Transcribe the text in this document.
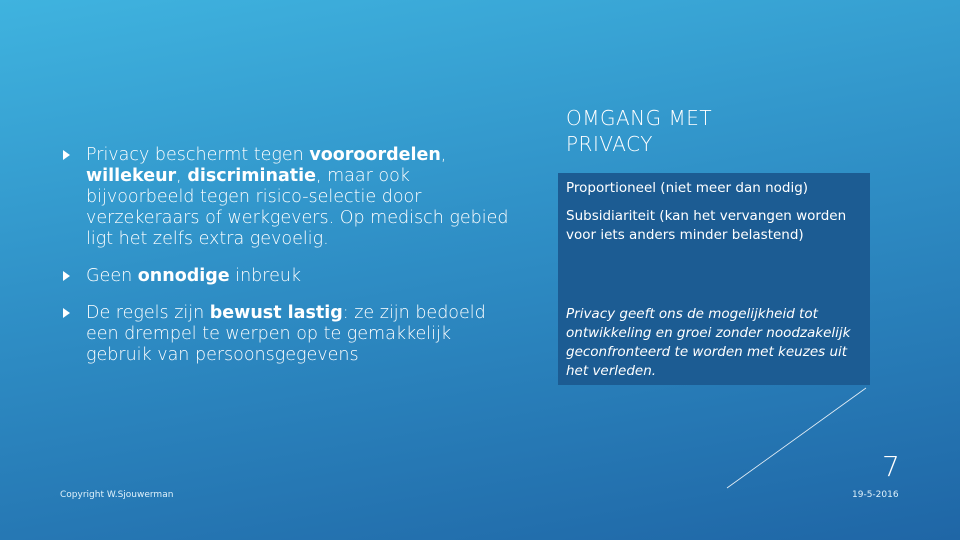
Privacy beschermt tegen vooroordelen, willekeur, discriminatie, maar ook bijvoorbeeld tegen risico-selectie door verzekeraars of werkgevers. Op medisch gebied ligt het zelfs extra gevoelig.
Geen onnodige inbreuk
De regels zijn bewust lastig: ze zijn bedoeld een drempel te werpen op te gemakkelijk gebruik van persoonsgegevens
OMGANG MET
PRIVACY
Proportioneel (niet meer dan nodig)
Subsidiariteit (kan het vervangen worden voor iets anders minder belastend)
Privacy geeft ons de mogelijkheid tot ontwikkeling en groei zonder noodzakelijk geconfronteerd te worden met keuzes uit het verleden.
7
Copyright W.Sjouwerman	19-5-2016
